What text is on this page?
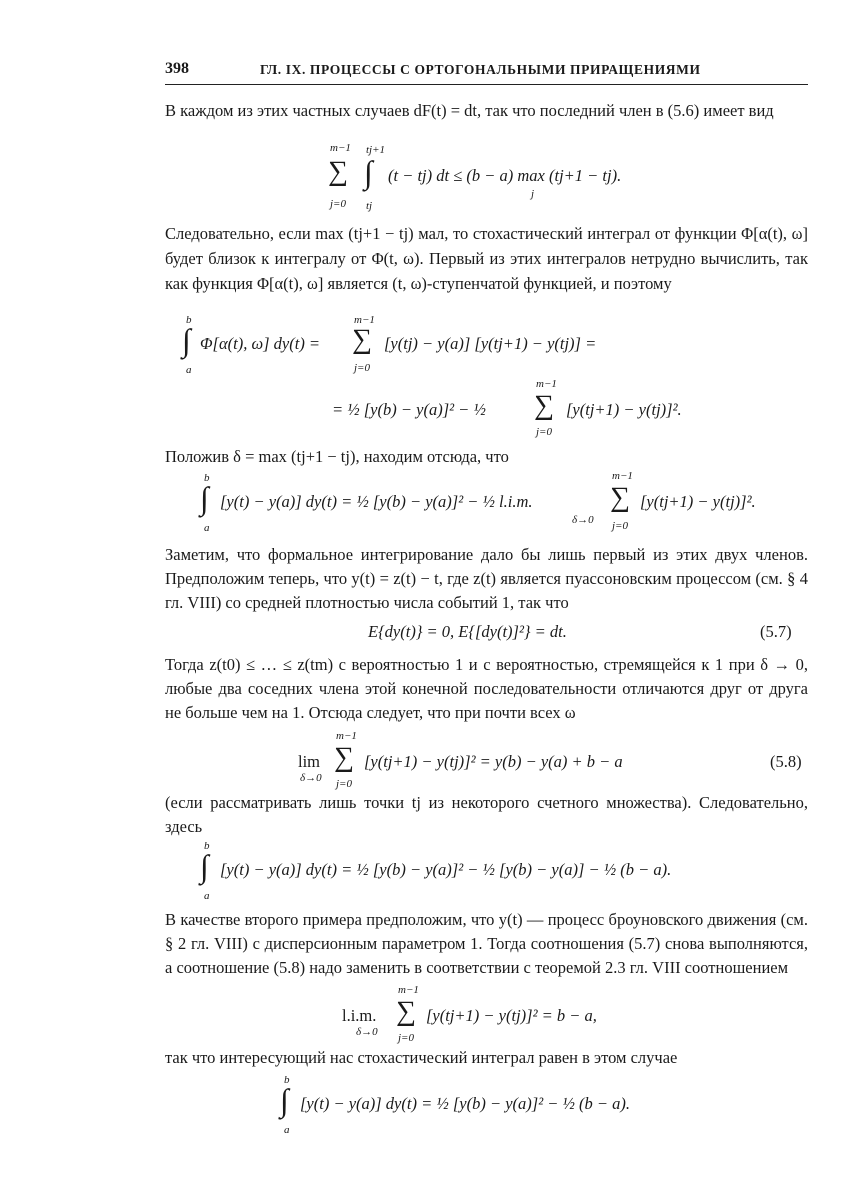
398	ГЛ. IX. ПРОЦЕССЫ С ОРТОГОНАЛЬНЫМИ ПРИРАЩЕНИЯМИ

В каждом из этих частных случаев dF(t) = dt, так что последний член в (5.6) имеет вид

m−1
∑
j=0
tj+1
∫
tj
(t − tj) dt ≤ (b − a) max (tj+1 − tj).
j

Следовательно, если max (tj+1 − tj) мал, то стохастический интеграл от функции Φ[α(t), ω] будет близок к интегралу от Φ(t, ω). Первый из этих интегралов нетрудно вычислить, так как функция Φ[α(t), ω] является (t, ω)-ступенчатой функцией, и поэтому

b
∫
a
Φ[α(t), ω] dy(t) =
m−1
∑
j=0
[y(tj) − y(a)] [y(tj+1) − y(tj)] =
= ½ [y(b) − y(a)]² − ½
m−1
∑
j=0
[y(tj+1) − y(tj)]².

Положив δ = max (tj+1 − tj), находим отсюда, что

b
∫
a
[y(t) − y(a)] dy(t) = ½ [y(b) − y(a)]² − ½ l.i.m.
δ→0
m−1
∑
j=0
[y(tj+1) − y(tj)]².

Заметим, что формальное интегрирование дало бы лишь первый из этих двух членов. Предположим теперь, что y(t) = z(t) − t, где z(t) является пуассоновским процессом (см. § 4 гл. VIII) со средней плотностью числа событий 1, так что

E{dy(t)} = 0, E{[dy(t)]²} = dt.	(5.7)

Тогда z(t0) ≤ … ≤ z(tm) с вероятностью 1 и с вероятностью, стремящейся к 1 при δ → 0, любые два соседних члена этой конечной последовательности отличаются друг от друга не больше чем на 1. Отсюда следует, что при почти всех ω

lim
δ→0
m−1
∑
j=0
[y(tj+1) − y(tj)]² = y(b) − y(a) + b − a	(5.8)

(если рассматривать лишь точки tj из некоторого счетного множества). Следовательно, здесь

b
∫
a
[y(t) − y(a)] dy(t) = ½ [y(b) − y(a)]² − ½ [y(b) − y(a)] − ½ (b − a).

В качестве второго примера предположим, что y(t) — процесс броуновского движения (см. § 2 гл. VIII) с дисперсионным параметром 1. Тогда соотношения (5.7) снова выполняются, а соотношение (5.8) надо заменить в соответствии с теоремой 2.3 гл. VIII соотношением

l.i.m.
δ→0
m−1
∑
j=0
[y(tj+1) − y(tj)]² = b − a,

так что интересующий нас стохастический интеграл равен в этом случае

b
∫
a
[y(t) − y(a)] dy(t) = ½ [y(b) − y(a)]² − ½ (b − a).
